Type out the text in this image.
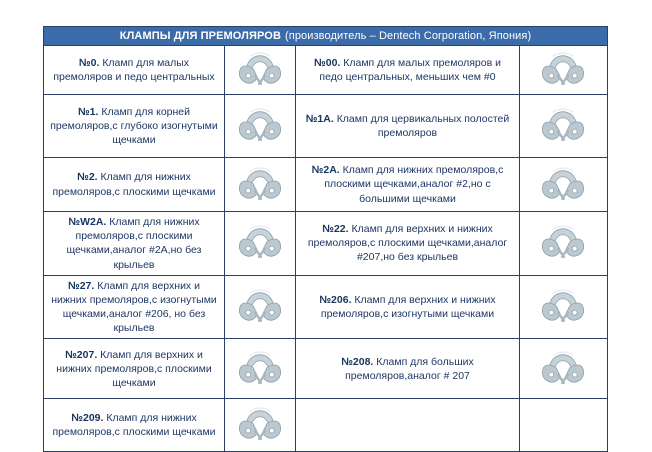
КЛАМПЫ ДЛЯ ПРЕМОЛЯРОВ (производитель – Dentech Corporation, Япония)
№0. Кламп для малых премоляров и педо центральных
№00. Кламп для малых премоляров и педо центральных, меньших чем #0
№1. Кламп для корней премоляров,с глубоко изогнутыми щечками
№1А. Кламп для цервикальных полостей премоляров
№2. Кламп для нижних премоляров,с плоскими щечками
№2А. Кламп для нижних премоляров,с плоскими щечками,аналог #2,но с большими щечками
№W2А. Кламп для нижних премоляров,с плоскими щечками,аналог #2А,но без крыльев
№22. Кламп для верхних и нижних премоляров,с плоскими щечками,аналог #207,но без крыльев
№27. Кламп для верхних и нижних премоляров,с изогнутыми щечками,аналог #206, но без крыльев
№206. Кламп для верхних и нижних премоляров,с изогнутыми щечками
№207. Кламп для верхних и нижних премоляров,с плоскими щечками
№208. Кламп для больших премоляров,аналог # 207
№209. Кламп для нижних премоляров,с плоскими щечками
